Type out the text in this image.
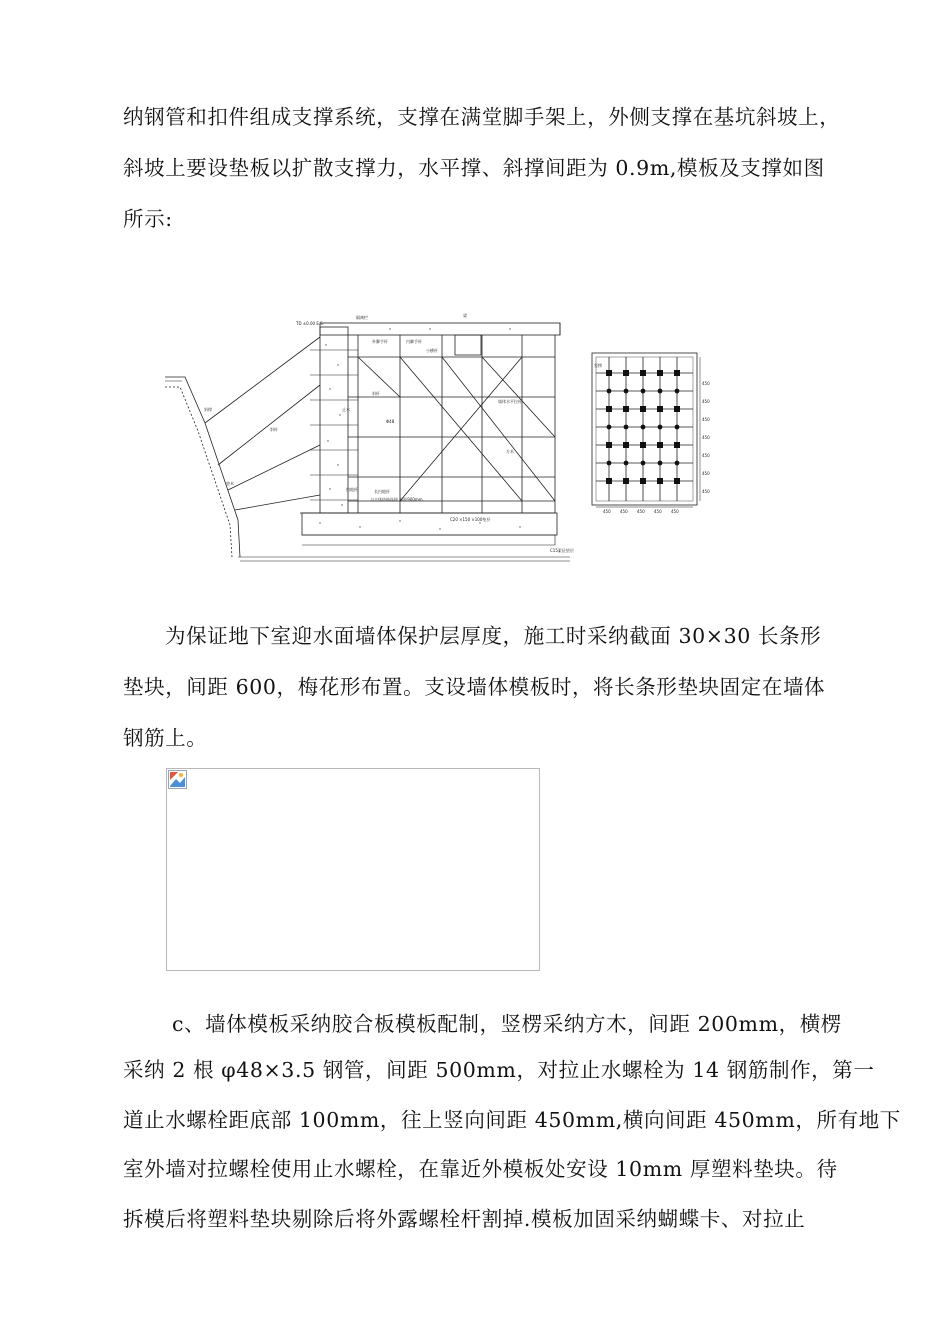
纳钢管和扣件组成支撑系统，支撑在满堂脚手架上，外侧支撑在基坑斜坡上，
斜坡上要设垫板以扩散支撑力，水平撑、斜撑间距为 0.9m,模板及支撑如图
所示:
TD ±0.00 E.S.
隔离栏	梁
外脚手杆	内脚手杆
小横杆
斜杆
斜撑	止水
斜杆
Φ48
墙体水平拉杆
方木
扫地杆	长扫地杆
垫木
与主体结构连接 间距900mm
C20 ×150 ×100垫层
C15素砼垫层
竖楞
450 450 450 450 450
450
450
450
450
450
450
450
为保证地下室迎水面墙体保护层厚度，施工时采纳截面 30×30 长条形
垫块，间距 600，梅花形布置。支设墙体模板时，将长条形垫块固定在墙体
钢筋上。
c、墙体模板采纳胶合板模板配制，竖楞采纳方木，间距 200mm，横楞
采纳 2 根 φ48×3.5 钢管，间距 500mm，对拉止水螺栓为 14 钢筋制作，第一
道止水螺栓距底部 100mm，往上竖向间距 450mm,横向间距 450mm，所有地下
室外墙对拉螺栓使用止水螺栓，在靠近外模板处安设 10mm 厚塑料垫块。待
拆模后将塑料垫块剔除后将外露螺栓杆割掉.模板加固采纳蝴蝶卡、对拉止
